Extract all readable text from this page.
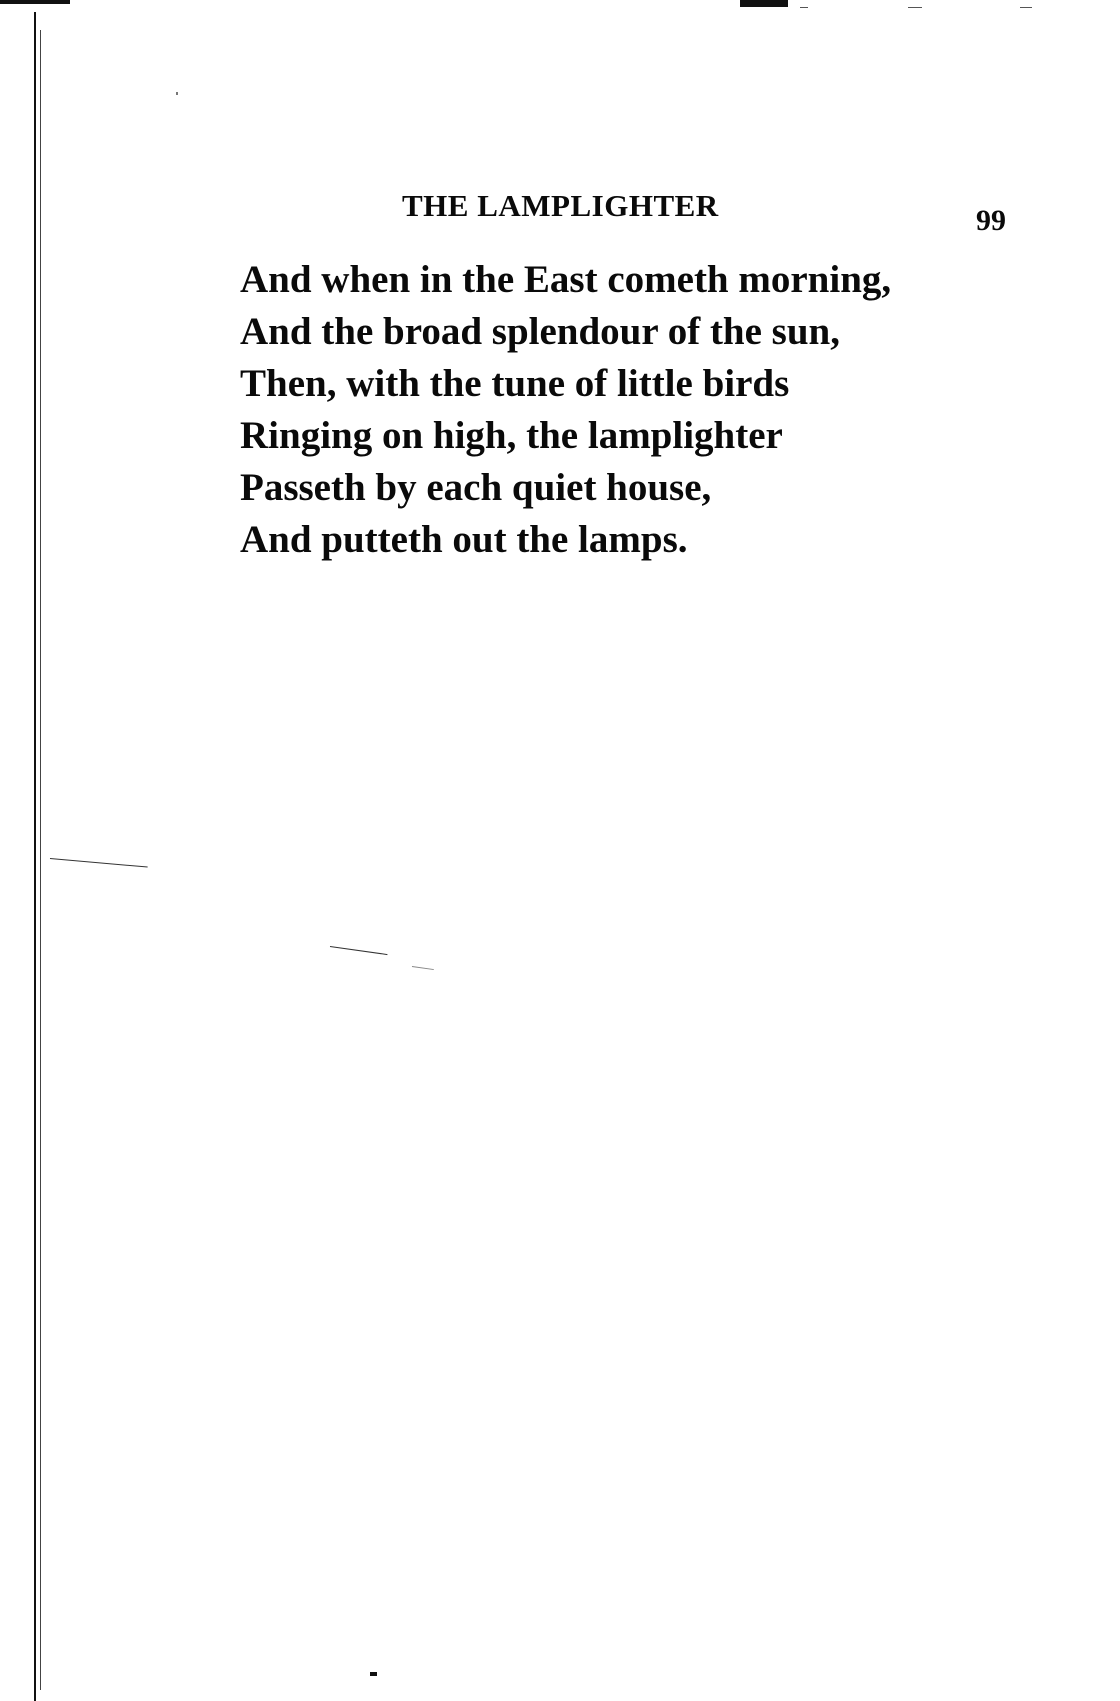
THE LAMPLIGHTER	99
And when in the East cometh morning,
And the broad splendour of the sun,
Then, with the tune of little birds
Ringing on high, the lamplighter
Passeth by each quiet house,
And putteth out the lamps.
